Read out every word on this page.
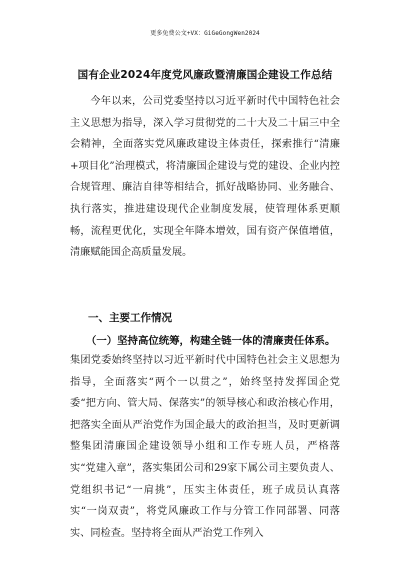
更多免费公文+VX：GiGeGongWen2024
国有企业2024年度党风廉政暨清廉国企建设工作总结

今年以来，公司党委坚持以习近平新时代中国特色社会主义思想为指导，深入学习贯彻党的二十大及二十届三中全会精神，全面落实党风廉政建设主体责任，探索推行“清廉+项目化”治理模式，将清廉国企建设与党的建设、企业内控合规管理、廉洁自律等相结合，抓好战略协同、业务融合、执行落实，推进建设现代企业制度发展，使管理体系更顺畅，流程更优化，实现全年降本增效，国有资产保值增值，清廉赋能国企高质量发展。

一、主要工作情况
（一）坚持高位统筹，构建全链一体的清廉责任体系。

集团党委始终坚持以习近平新时代中国特色社会主义思想为指导，全面落实“两个一以贯之”，始终坚持发挥国企党委“把方向、管大局、保落实”的领导核心和政治核心作用，把落实全面从严治党作为国企最大的政治担当，及时更新调整集团清廉国企建设领导小组和工作专班人员，严格落实“党建入章”，落实集团公司和29家下属公司主要负责人、党组织书记“一肩挑”，压实主体责任，班子成员认真落实“一岗双责”，将党风廉政工作与分管工作同部署、同落实、同检查。坚持将全面从严治党工作列入
